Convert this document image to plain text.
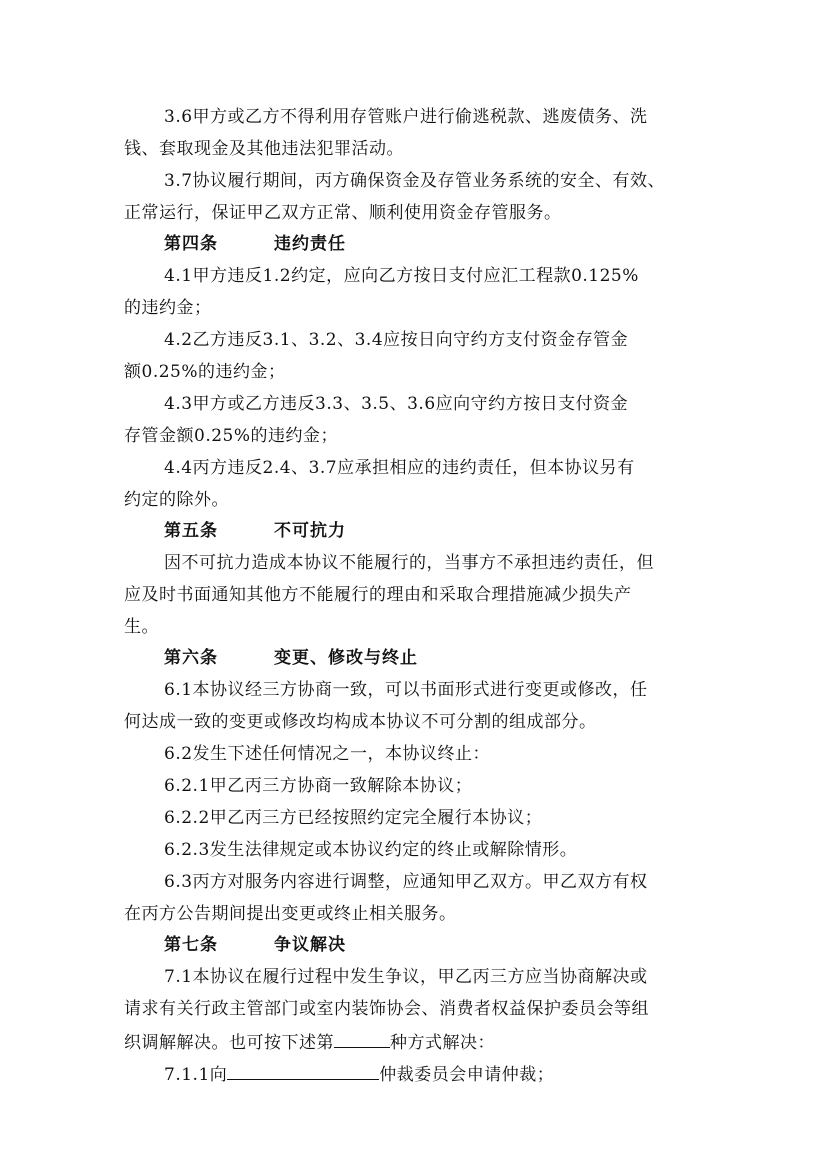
3.6甲方或乙方不得利用存管账户进行偷逃税款、逃废债务、洗
钱、套取现金及其他违法犯罪活动。
3.7协议履行期间，丙方确保资金及存管业务系统的安全、有效、
正常运行，保证甲乙双方正常、顺利使用资金存管服务。
第四条	违约责任
4.1甲方违反1.2约定，应向乙方按日支付应汇工程款0.125%
的违约金；
4.2乙方违反3.1、3.2、3.4应按日向守约方支付资金存管金
额0.25%的违约金；
4.3甲方或乙方违反3.3、3.5、3.6应向守约方按日支付资金
存管金额0.25%的违约金；
4.4丙方违反2.4、3.7应承担相应的违约责任，但本协议另有
约定的除外。
第五条	不可抗力
因不可抗力造成本协议不能履行的，当事方不承担违约责任，但
应及时书面通知其他方不能履行的理由和采取合理措施减少损失产
生。
第六条	变更、修改与终止
6.1本协议经三方协商一致，可以书面形式进行变更或修改，任
何达成一致的变更或修改均构成本协议不可分割的组成部分。
6.2发生下述任何情况之一，本协议终止：
6.2.1甲乙丙三方协商一致解除本协议；
6.2.2甲乙丙三方已经按照约定完全履行本协议；
6.2.3发生法律规定或本协议约定的终止或解除情形。
6.3丙方对服务内容进行调整，应通知甲乙双方。甲乙双方有权
在丙方公告期间提出变更或终止相关服务。
第七条	争议解决
7.1本协议在履行过程中发生争议，甲乙丙三方应当协商解决或
请求有关行政主管部门或室内装饰协会、消费者权益保护委员会等组
织调解解决。也可按下述第	种方式解决：
7.1.1向	仲裁委员会申请仲裁；
